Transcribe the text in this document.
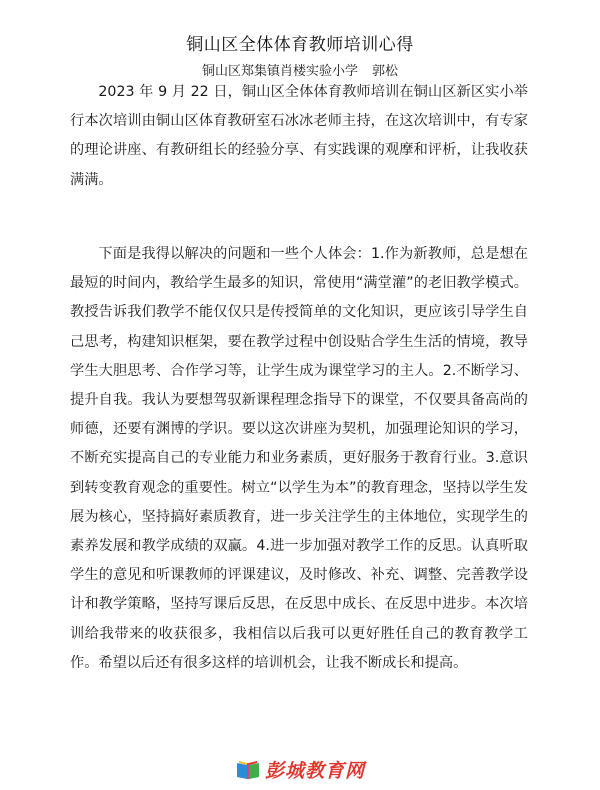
铜山区全体体育教师培训心得
铜山区郑集镇肖楼实验小学 郭松

2023 年 9 月 22 日，铜山区全体体育教师培训在铜山区新区实小举行本次培训由铜山区体育教研室石冰冰老师主持，在这次培训中，有专家的理论讲座、有教研组长的经验分享、有实践课的观摩和评析，让我收获满满。

下面是我得以解决的问题和一些个人体会：1.作为新教师，总是想在最短的时间内，教给学生最多的知识，常使用“满堂灌”的老旧教学模式。教授告诉我们教学不能仅仅只是传授简单的文化知识，更应该引导学生自己思考，构建知识框架，要在教学过程中创设贴合学生生活的情境，教导学生大胆思考、合作学习等，让学生成为课堂学习的主人。2.不断学习、提升自我。我认为要想驾驭新课程理念指导下的课堂，不仅要具备高尚的师德，还要有渊博的学识。要以这次讲座为契机，加强理论知识的学习，不断充实提高自己的专业能力和业务素质，更好服务于教育行业。3.意识到转变教育观念的重要性。树立“以学生为本”的教育理念，坚持以学生发展为核心，坚持搞好素质教育，进一步关注学生的主体地位，实现学生的素养发展和教学成绩的双赢。4.进一步加强对教学工作的反思。认真听取学生的意见和听课教师的评课建议，及时修改、补充、调整、完善教学设计和教学策略，坚持写课后反思，在反思中成长、在反思中进步。本次培训给我带来的收获很多，我相信以后我可以更好胜任自己的教育教学工作。希望以后还有很多这样的培训机会，让我不断成长和提高。

彭城教育网
